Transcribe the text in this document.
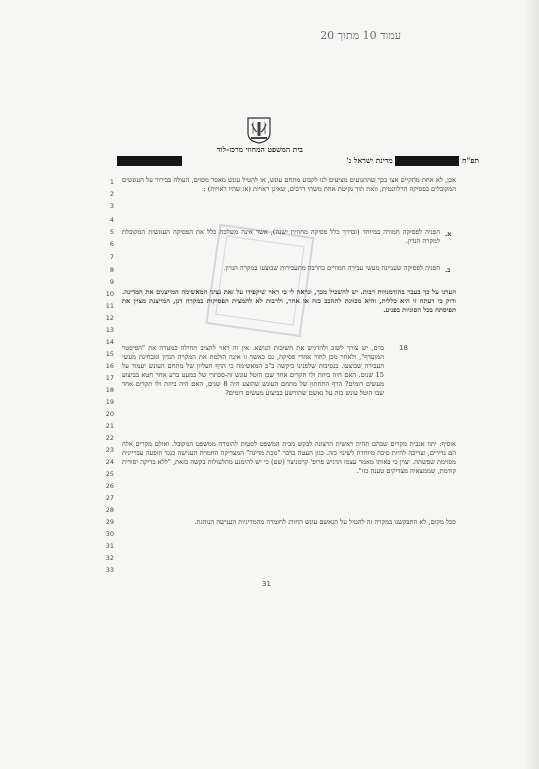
עמוד 10 מתוך 20
בית המשפט המחוזי מרכז-לוד
תפ"ח  מדינת ישראל נ'
1
2
3
4
5
6
7
8
9
10
11
12
13
14
15
16
17
18
19
20
21
22
23
24
25
26
27
28
29
30
31
32
33
אכן, לא אחת מתקיים אצו בכך שהתנועים מציעים לנו לקבוע מתחם עונש, או להטיל עונש מאסר מסוים, העולה בבירור על העונשים המקובלים בפסיקה הרלוונטית, וזאת תוך נקיטת אחת משתי דרכים, שאינן ראויות (או שהיו ראויות) :
א.
הפניה לפסיקה חמורה במיוחד (ובדרך כלל פסיקה מחוזית ישנה), אשר אינה משלכת כלל את הפסיקה העונשית המקובלת למקרה הנדון.
ב.
הפניה לפסיקה שעניינה מעשי עבירה חמורים בהרבה מתעבירות שבוצעו במקרה הנדון.
הערנו על כך בעבר בהזדמנויות רבות. יש להשכיל מכך, ונראה לי כי ראוי שיקפידו על זאת נציגי המאשימה המייצגים את המדינה. ודוק כי דעתה זו היא כללית, והיא מכוונת לתהכב כזה או אחר, ולרבות לא לתמצית הפסיקות במקרה דנן, המייצגת מצוין את תפיסתה בכל הסוגיות בפניע.
18
ברם, יש צורך לשוב ולהדגיש את חשיבות הנושא. אין זה ראוי להציב תחילה כמטרה את "הפיסטר המועדף", ולאחר מכן לחור אחרי פסיקה, גם כאשר זו אינה הולמת את המקרה הנדון ומבחינת מעשי העבירה שבוצעו. בנסיבות שלפנינו ביקשה ב"כ המאשימה כי הרף העליון של מתחם העונש יעמוד על 15 שנים. האם היה ביוזת ולו תקדים אחד שבו הוטל עונש זה-סכתרי של כמעט ברע אחר חטא בביצוע מעשים דומים? הרף התחתון של מתחם העונש שהוצע היה 8 שנים, האם היה ביוזת ולו תקדים אחד שבו הוטל עונש כזה על נאשם שהורשע בביצוע מעשים דומים?
אוסיף: יתוז אגבית מקרים שבהם תהיה ראשית הרצונה לבקש מבית המשפט לסטות להומרה ממשפט המקובל. ואולם מקרים אלה הם נדירים, וצריכה להיות סיבה מיוחדת לשינוי כזה. כגון העטה בדבר "מכת מדינה" המצדיקה החמרת הענישה כנגד תופעה עבריינית מסוימת שפשתה. יצוין כי באותו מאמר עצמו הדגיש פרופ' קרמניצר (שם) כי יש להימנע מהלעולות בקשה כזאת, "ללא בדיקה יסודית קודמת, שממצאיה מצדיקים טענה כזו".
סכל מקום, לא התבקשנו במקרה זה להטיל על הנאשם עונש החורג לחומרה מהמדיניות הענישה הנוהגת.
31
